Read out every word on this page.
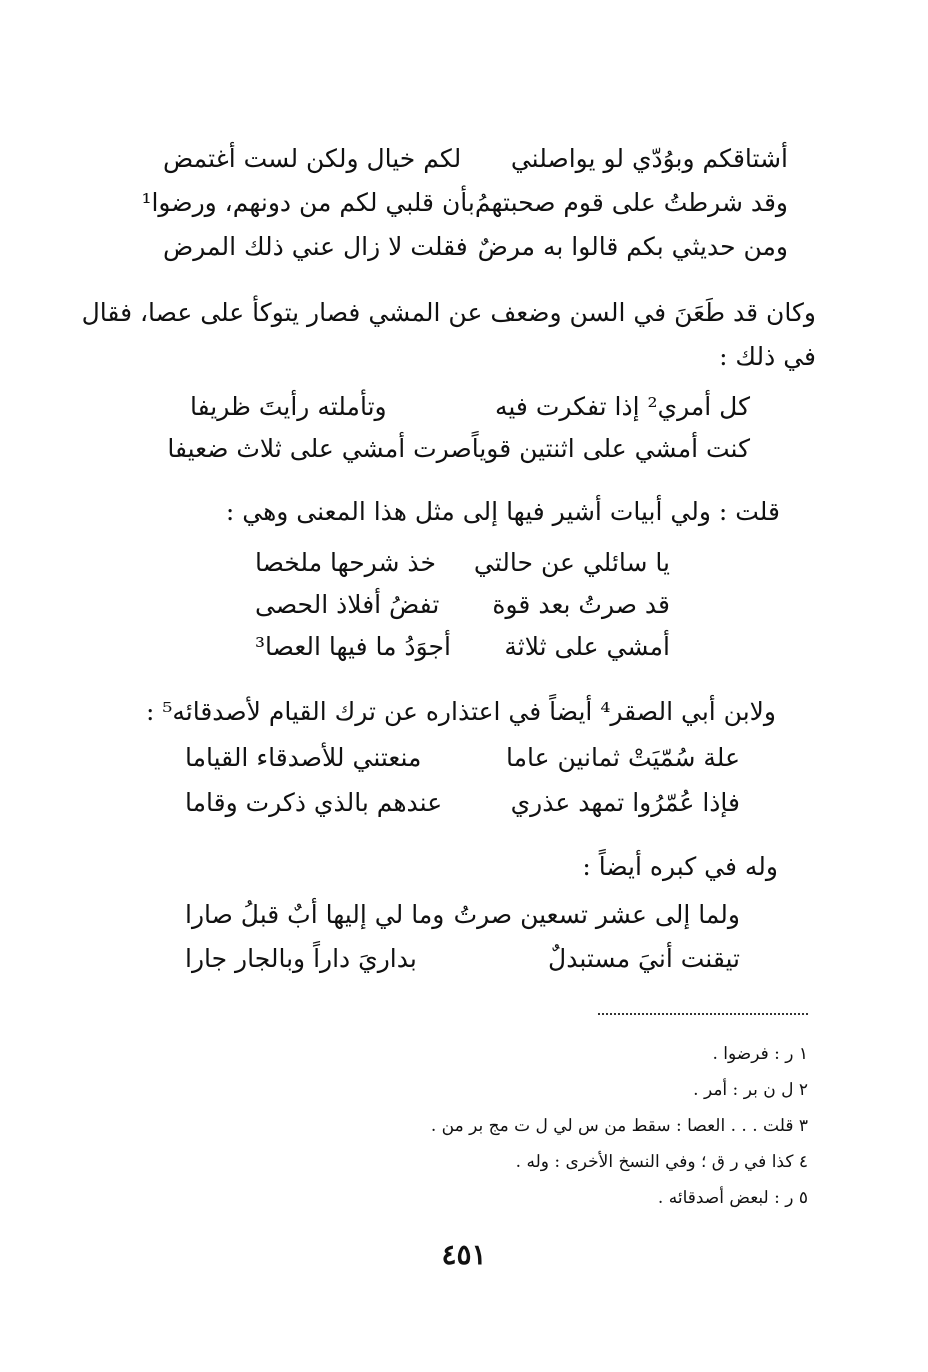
أشتاقكم وبوُدّي لو يواصلني
لكم خيال ولكن لست أغتمض
وقد شرطتُ على قوم صحبتهمُ
بأن قلبي لكم من دونهم، ورضوا¹
ومن حديثي بكم قالوا به مرضٌ
فقلت لا زال عني ذلك المرض
وكان قد طَعَنَ في السن وضعف عن المشي فصار يتوكأ على عصا، فقال
في ذلك :
كل أمري² إذا تفكرت فيه
وتأملته رأيتَ ظريفا
كنت أمشي على اثنتين قوياً
صرت أمشي على ثلاث ضعيفا
قلت : ولي أبيات أشير فيها إلى مثل هذا المعنى وهي :
يا سائلي عن حالتي
خذ شرحها ملخصا
قد صرتُ بعد قوة
تفضُ أفلاذ الحصى
أمشي على ثلاثة
أجوَدُ ما فيها العصا³
ولابن أبي الصقر⁴ أيضاً في اعتذاره عن ترك القيام لأصدقائه⁵ :
علة سُمّيَتْ ثمانين عاما
منعتني للأصدقاء القياما
فإذا عُمّرُوا تمهد عذري
عندهم بالذي ذكرت وقاما
وله في كبره أيضاً :
ولما إلى عشر تسعين صرتُ
وما لي إليها أبٌ قبلُ صارا
تيقنت أنيَ مستبدلٌ
بداريَ داراً وبالجار جارا
١ ر : فرضوا .
٢ ل ن بر : أمر .
٣ قلت . . . العصا : سقط من س لي ل ت مج بر من .
٤ كذا في ر ق ؛ وفي النسخ الأخرى : وله .
٥ ر : لبعض أصدقائه .
٤٥١
